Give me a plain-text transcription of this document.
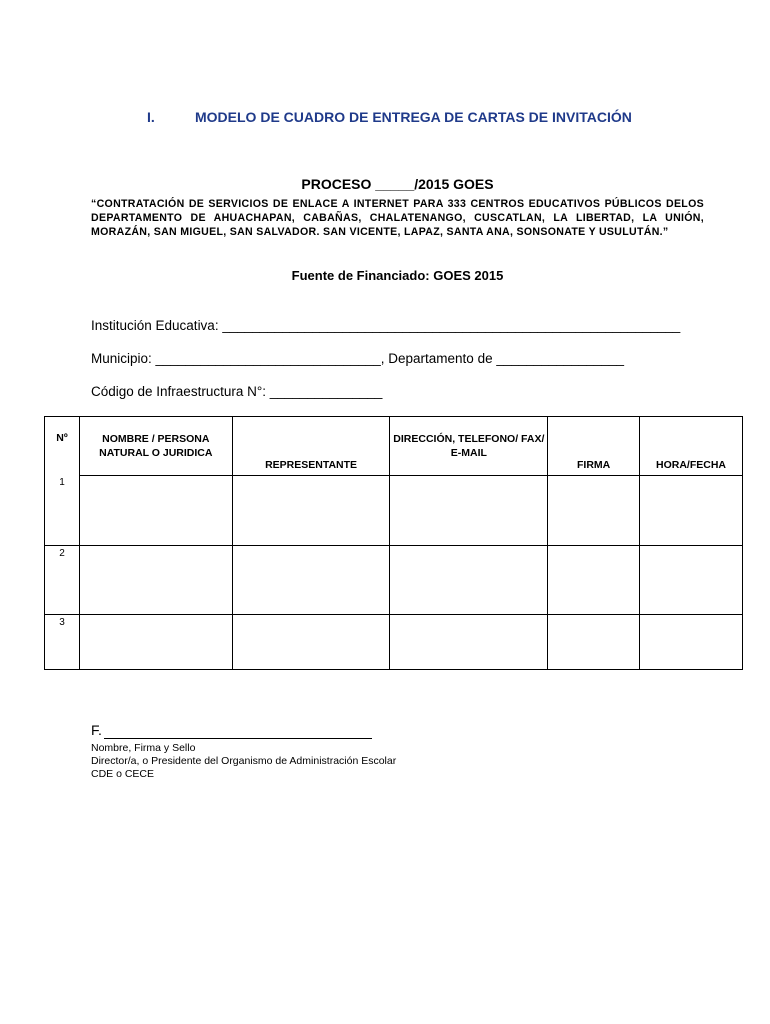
I.	MODELO DE CUADRO DE ENTREGA DE CARTAS DE INVITACIÓN
PROCESO _____/2015 GOES
“CONTRATACIÓN DE SERVICIOS DE ENLACE A INTERNET PARA 333 CENTROS EDUCATIVOS PÚBLICOS DELOS DEPARTAMENTO DE AHUACHAPAN, CABAÑAS, CHALATENANGO, CUSCATLAN, LA LIBERTAD, LA UNIÓN, MORAZÁN, SAN MIGUEL, SAN SALVADOR. SAN VICENTE, LAPAZ, SANTA ANA, SONSONATE Y USULUTÁN.”
Fuente de Financiado: GOES 2015
Institución Educativa: _____________________________________________________________
Municipio: ______________________________, Departamento de _________________
Código de Infraestructura N°: _______________
Nº	NOMBRE / PERSONA NATURAL O JURIDICA	REPRESENTANTE	DIRECCIÓN, TELEFONO/ FAX/ E-MAIL	FIRMA	HORA/FECHA
1					
2					
3					
F.
Nombre, Firma y Sello
Director/a, o Presidente del Organismo de Administración Escolar
CDE o CECE
